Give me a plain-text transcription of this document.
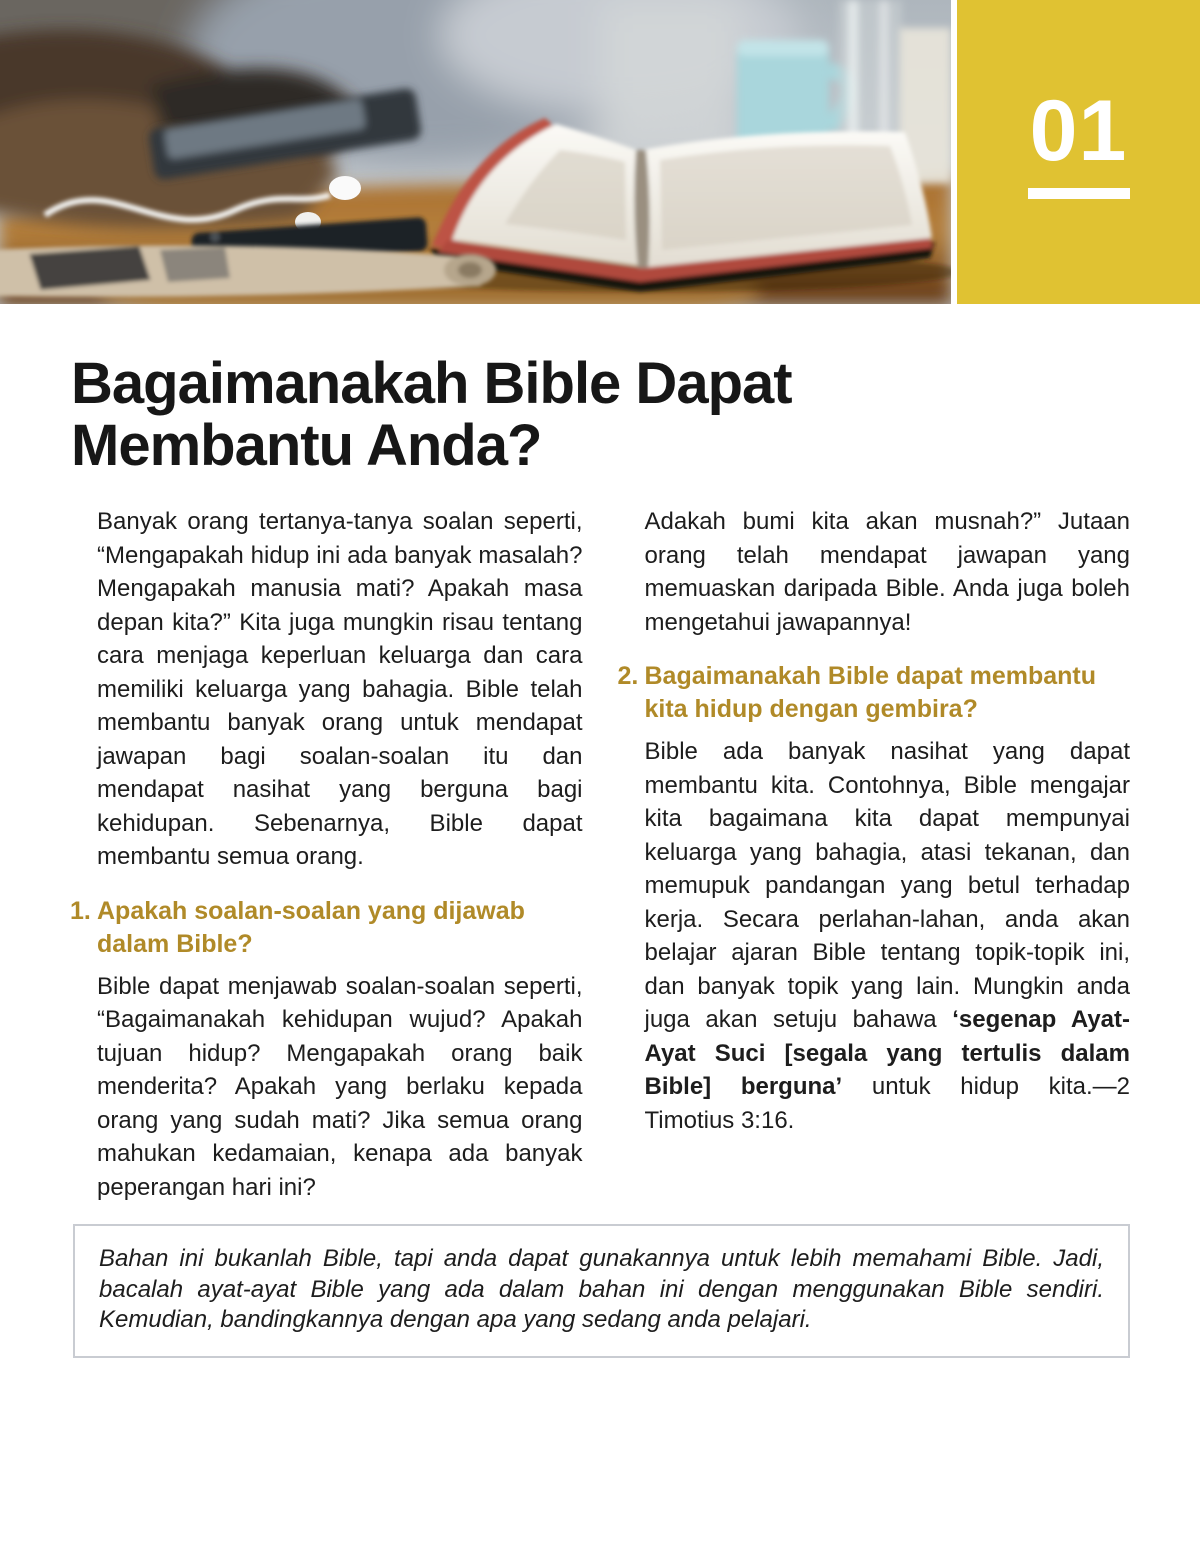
01
Bagaimanakah Bible Dapat Membantu Anda?

Banyak orang tertanya-tanya soalan seperti, “Mengapakah hidup ini ada banyak masalah? Mengapakah manusia mati? Apakah masa depan kita?” Kita juga mungkin risau tentang cara menjaga keperluan keluarga dan cara memiliki keluarga yang bahagia. Bible telah membantu banyak orang untuk mendapat jawapan bagi soalan-soalan itu dan mendapat nasihat yang berguna bagi kehidupan. Sebenarnya, Bible dapat membantu semua orang.

1. Apakah soalan-soalan yang dijawab dalam Bible?

Bible dapat menjawab soalan-soalan seperti, “Bagaimanakah kehidupan wujud? Apakah tujuan hidup? Mengapakah orang baik menderita? Apakah yang berlaku kepada orang yang sudah mati? Jika semua orang mahukan kedamaian, kenapa ada banyak peperangan hari ini?

Adakah bumi kita akan musnah?” Jutaan orang telah mendapat jawapan yang memuaskan daripada Bible. Anda juga boleh mengetahui jawapannya!

2. Bagaimanakah Bible dapat membantu kita hidup dengan gembira?

Bible ada banyak nasihat yang dapat membantu kita. Contohnya, Bible mengajar kita bagaimana kita dapat mempunyai keluarga yang bahagia, atasi tekanan, dan memupuk pandangan yang betul terhadap kerja. Secara perlahan-lahan, anda akan belajar ajaran Bible tentang topik-topik ini, dan banyak topik yang lain. Mungkin anda juga akan setuju bahawa ‘segenap Ayat-Ayat Suci [segala yang tertulis dalam Bible] berguna’ untuk hidup kita.—2 Timotius 3:16.

Bahan ini bukanlah Bible, tapi anda dapat gunakannya untuk lebih memahami Bible. Jadi, bacalah ayat-ayat Bible yang ada dalam bahan ini dengan menggunakan Bible sendiri. Kemudian, bandingkannya dengan apa yang sedang anda pelajari.
